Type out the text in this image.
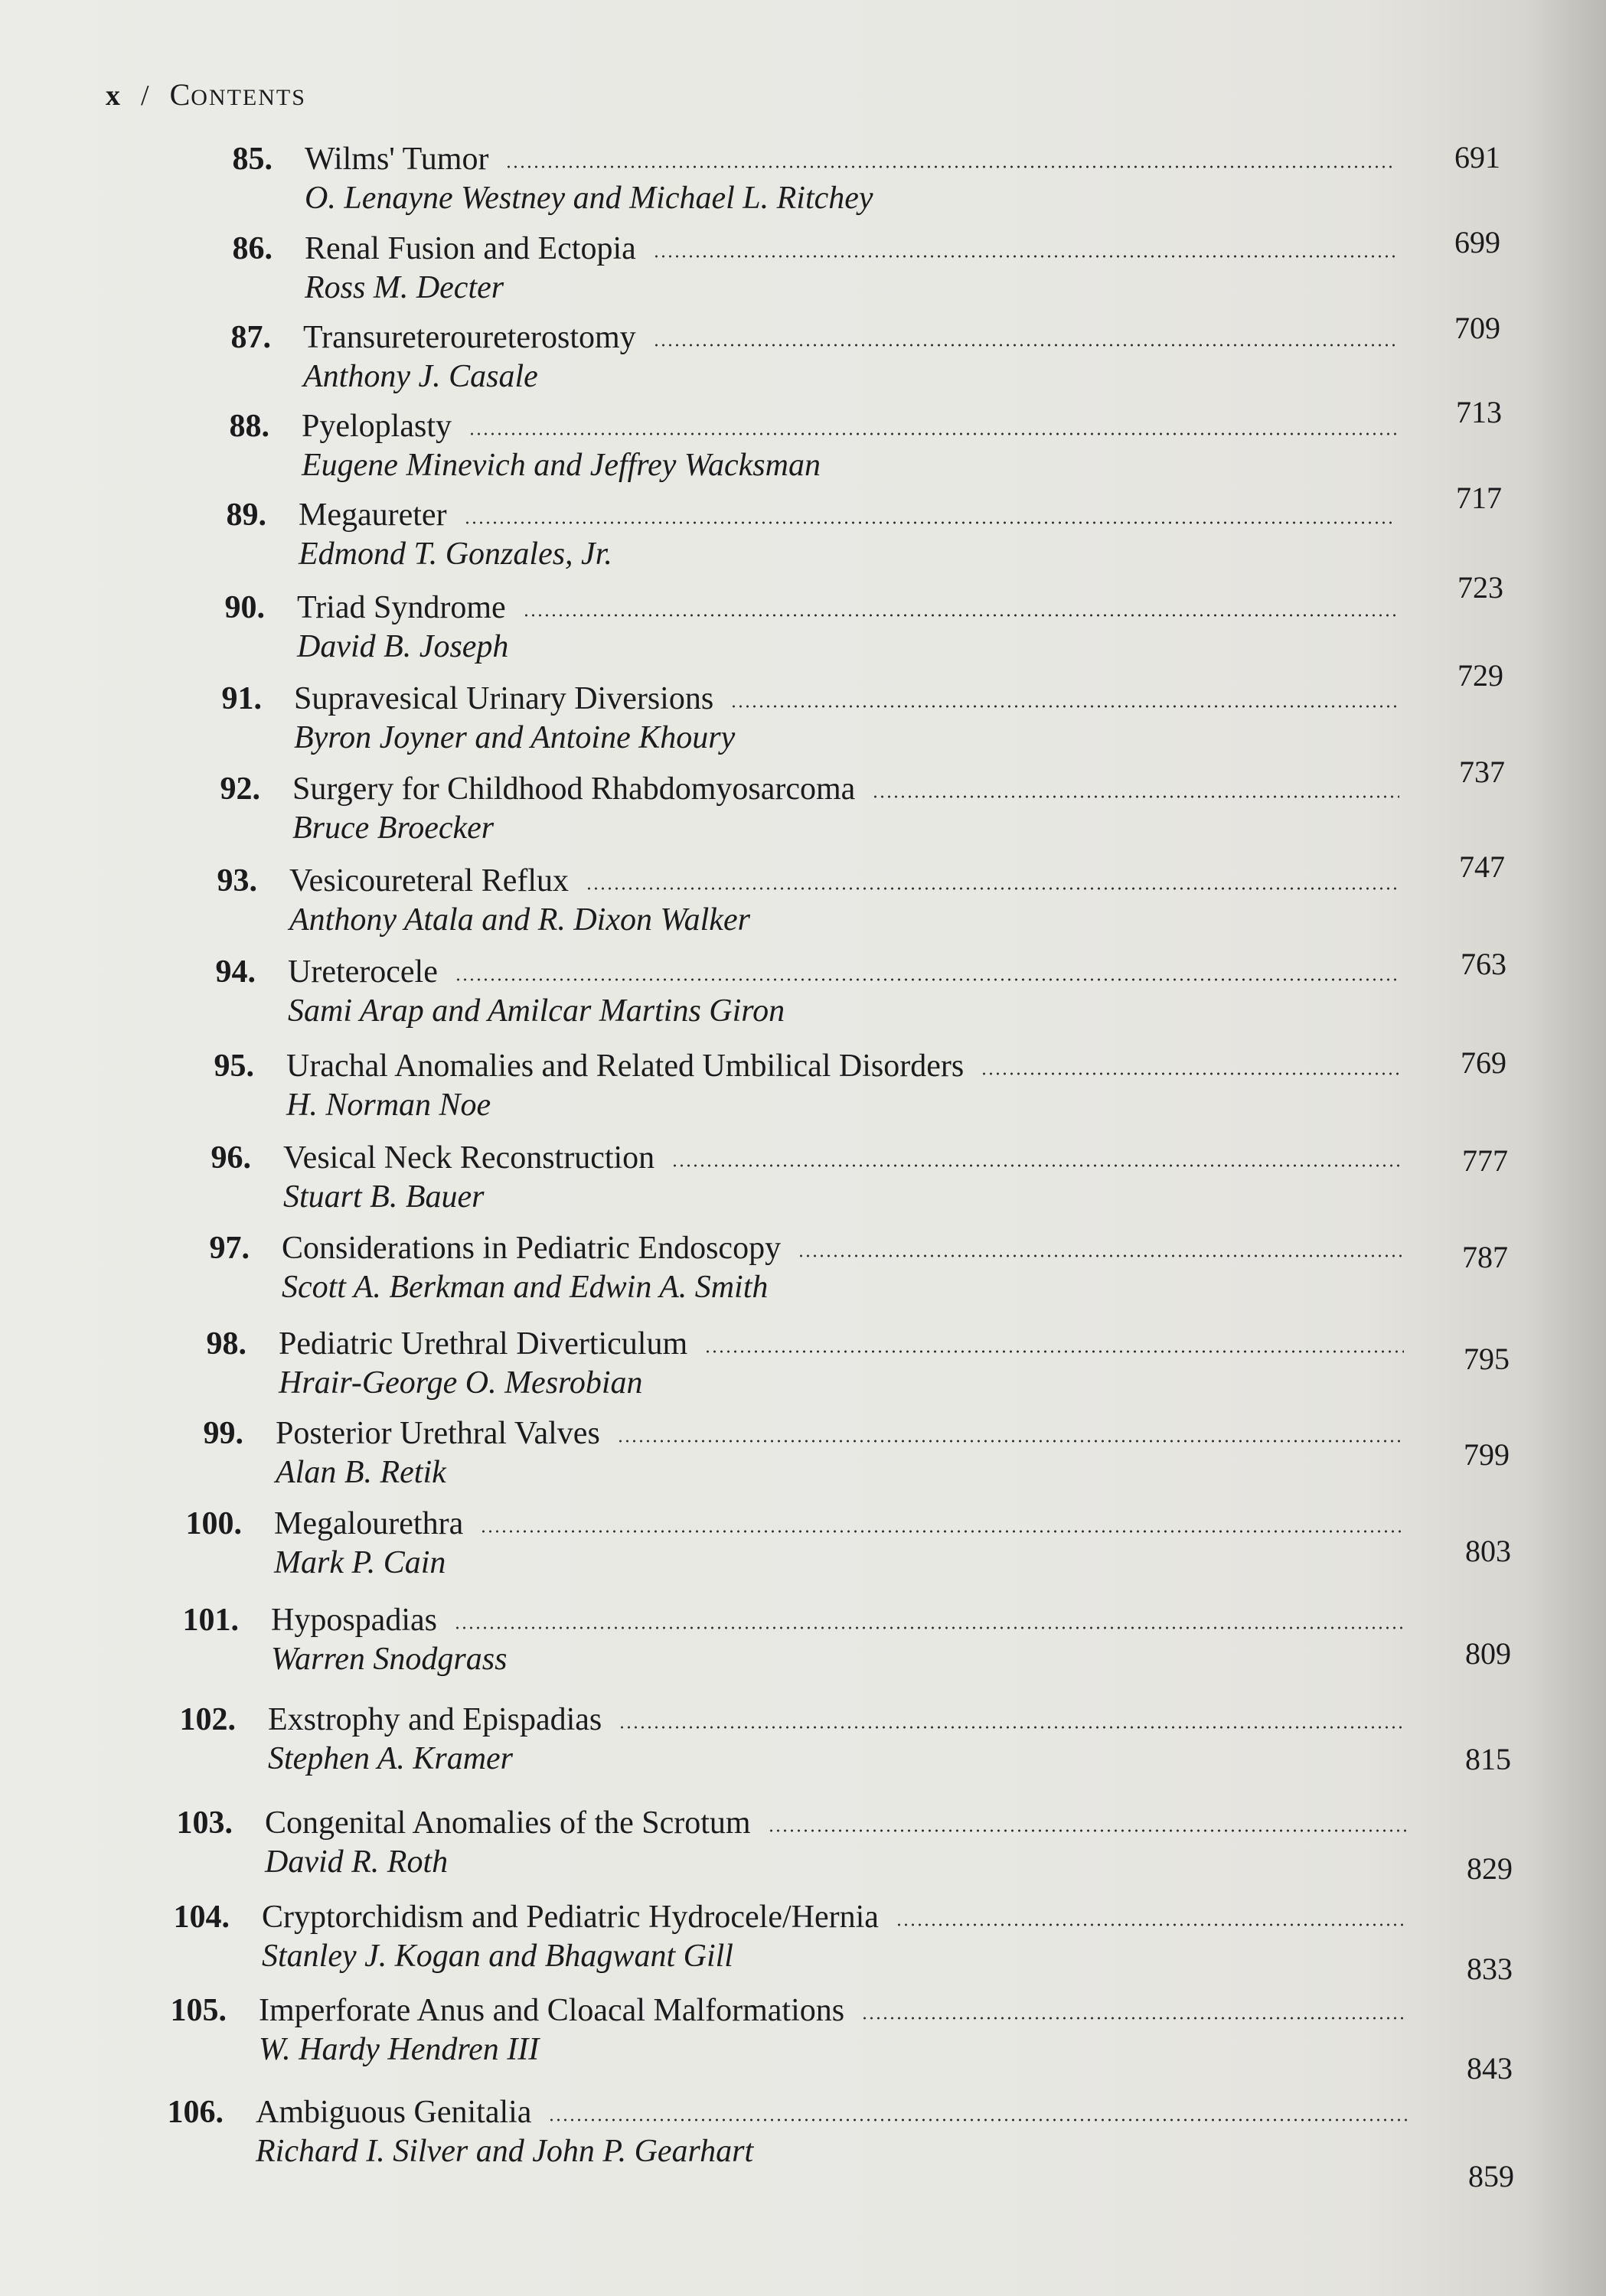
x / CONTENTS
85. Wilms' Tumor
O. Lenayne Westney and Michael L. Ritchey
691
86. Renal Fusion and Ectopia
Ross M. Decter
699
87. Transureteroureterostomy
Anthony J. Casale
709
88. Pyeloplasty
Eugene Minevich and Jeffrey Wacksman
713
89. Megaureter
Edmond T. Gonzales, Jr.
717
90. Triad Syndrome
David B. Joseph
723
91. Supravesical Urinary Diversions
Byron Joyner and Antoine Khoury
729
92. Surgery for Childhood Rhabdomyosarcoma
Bruce Broecker
737
93. Vesicoureteral Reflux
Anthony Atala and R. Dixon Walker
747
94. Ureterocele
Sami Arap and Amilcar Martins Giron
763
95. Urachal Anomalies and Related Umbilical Disorders
H. Norman Noe
769
96. Vesical Neck Reconstruction
Stuart B. Bauer
777
97. Considerations in Pediatric Endoscopy
Scott A. Berkman and Edwin A. Smith
787
98. Pediatric Urethral Diverticulum
Hrair-George O. Mesrobian
795
99. Posterior Urethral Valves
Alan B. Retik
799
100. Megalourethra
Mark P. Cain	803
101. Hypospadias
Warren Snodgrass	809
102. Exstrophy and Epispadias
Stephen A. Kramer	815
103. Congenital Anomalies of the Scrotum
David R. Roth	829
104. Cryptorchidism and Pediatric Hydrocele/Hernia
Stanley J. Kogan and Bhagwant Gill	833
105. Imperforate Anus and Cloacal Malformations
W. Hardy Hendren III
843
106. Ambiguous Genitalia
Richard I. Silver and John P. Gearhart
859
